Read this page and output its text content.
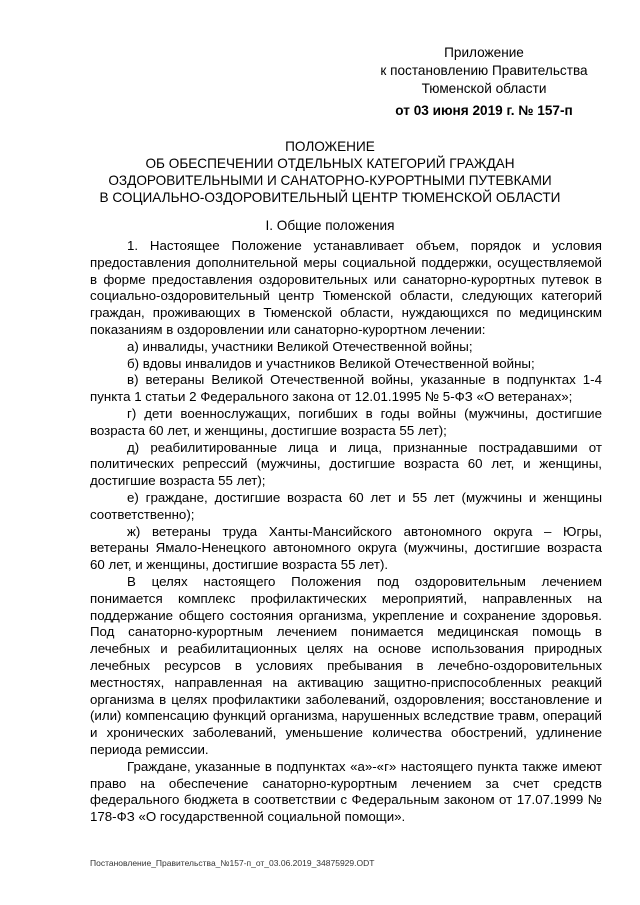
Приложение
к постановлению Правительства
Тюменской области
от 03 июня 2019 г. № 157-п
ПОЛОЖЕНИЕ
ОБ ОБЕСПЕЧЕНИИ ОТДЕЛЬНЫХ КАТЕГОРИЙ ГРАЖДАН
ОЗДОРОВИТЕЛЬНЫМИ И САНАТОРНО-КУРОРТНЫМИ ПУТЕВКАМИ
В СОЦИАЛЬНО-ОЗДОРОВИТЕЛЬНЫЙ ЦЕНТР ТЮМЕНСКОЙ ОБЛАСТИ
I. Общие положения

1. Настоящее Положение устанавливает объем, порядок и условия предоставления дополнительной меры социальной поддержки, осуществляемой в форме предоставления оздоровительных или санаторно-курортных путевок в социально-оздоровительный центр Тюменской области, следующих категорий граждан, проживающих в Тюменской области, нуждающихся по медицинским показаниям в оздоровлении или санаторно-курортном лечении:

а) инвалиды, участники Великой Отечественной войны;

б) вдовы инвалидов и участников Великой Отечественной войны;

в) ветераны Великой Отечественной войны, указанные в подпунктах 1-4 пункта 1 статьи 2 Федерального закона от 12.01.1995 № 5-ФЗ «О ветеранах»;

г) дети военнослужащих, погибших в годы войны (мужчины, достигшие возраста 60 лет, и женщины, достигшие возраста 55 лет);

д) реабилитированные лица и лица, признанные пострадавшими от политических репрессий (мужчины, достигшие возраста 60 лет, и женщины, достигшие возраста 55 лет);

е) граждане, достигшие возраста 60 лет и 55 лет (мужчины и женщины соответственно);

ж) ветераны труда Ханты-Мансийского автономного округа – Югры, ветераны Ямало-Ненецкого автономного округа (мужчины, достигшие возраста 60 лет, и женщины, достигшие возраста 55 лет).

В целях настоящего Положения под оздоровительным лечением понимается комплекс профилактических мероприятий, направленных на поддержание общего состояния организма, укрепление и сохранение здоровья. Под санаторно-курортным лечением понимается медицинская помощь в лечебных и реабилитационных целях на основе использования природных лечебных ресурсов в условиях пребывания в лечебно-оздоровительных местностях, направленная на активацию защитно-приспособленных реакций организма в целях профилактики заболеваний, оздоровления; восстановление и (или) компенсацию функций организма, нарушенных вследствие травм, операций и хронических заболеваний, уменьшение количества обострений, удлинение периода ремиссии.

Граждане, указанные в подпунктах «а»-«г» настоящего пункта также имеют право на обеспечение санаторно-курортным лечением за счет средств федерального бюджета в соответствии с Федеральным законом от 17.07.1999 № 178-ФЗ «О государственной социальной помощи».

Постановление_Правительства_№157-п_от_03.06.2019_34875929.ODT
